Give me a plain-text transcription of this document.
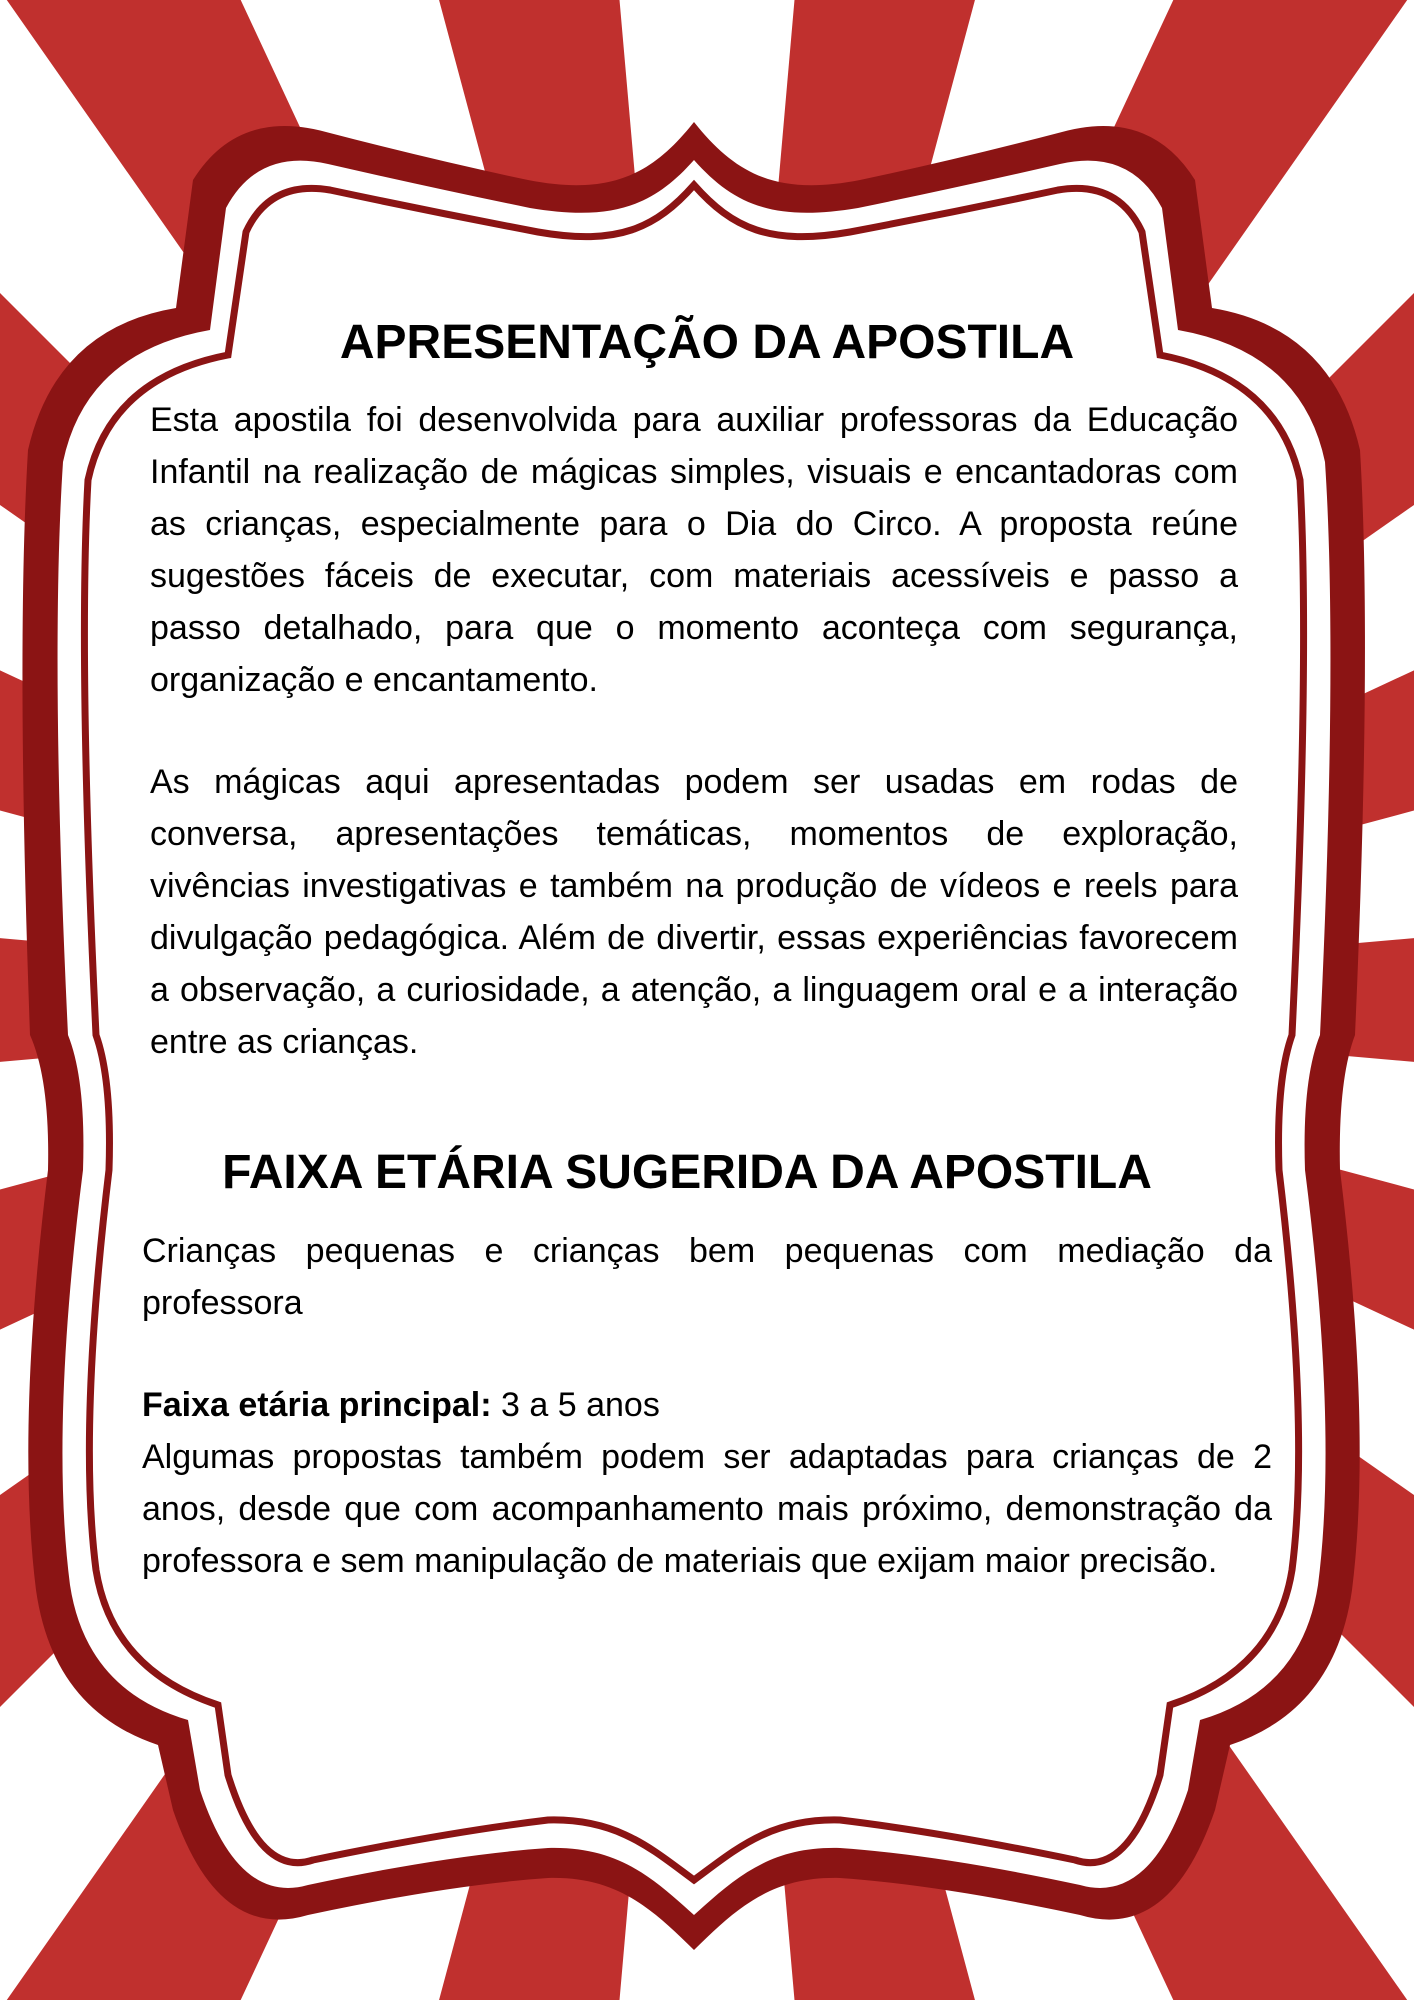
APRESENTAÇÃO DA APOSTILA

Esta apostila foi desenvolvida para auxiliar professoras da Educação Infantil na realização de mágicas simples, visuais e encantadoras com as crianças, especialmente para o Dia do Circo. A proposta reúne sugestões fáceis de executar, com materiais acessíveis e passo a passo detalhado, para que o momento aconteça com segurança, organização e encantamento.

As mágicas aqui apresentadas podem ser usadas em rodas de conversa, apresentações temáticas, momentos de exploração, vivências investigativas e também na produção de vídeos e reels para divulgação pedagógica. Além de divertir, essas experiências favorecem a observação, a curiosidade, a atenção, a linguagem oral e a interação entre as crianças.

FAIXA ETÁRIA SUGERIDA DA APOSTILA

Crianças pequenas e crianças bem pequenas com mediação da professora

Faixa etária principal: 3 a 5 anos

Algumas propostas também podem ser adaptadas para crianças de 2 anos, desde que com acompanhamento mais próximo, demonstração da professora e sem manipulação de materiais que exijam maior precisão.
